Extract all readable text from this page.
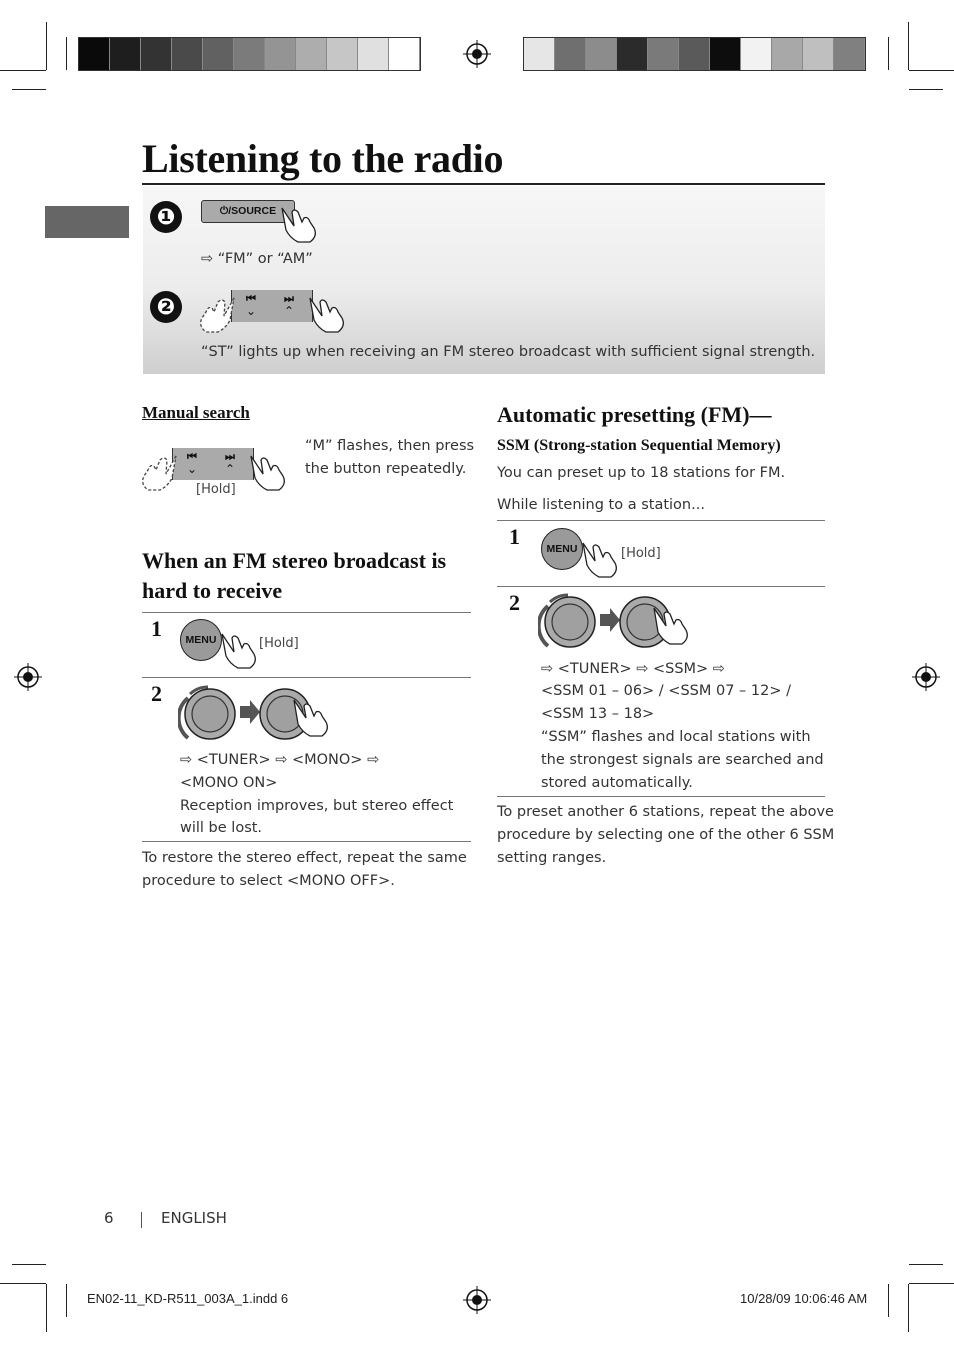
Listening to the radio
❶	⏻/SOURCE
⇨ “FM” or “AM”
❷	⏮
⌄
⏭
⌃
“ST” lights up when receiving an FM stereo broadcast with sufficient signal strength.
Manual search
⏮
⌄
⏭
⌃
[Hold]
“M” flashes, then press
the button repeatedly.
When an FM stereo broadcast is
hard to receive
1	MENU	[Hold]
2
⇨ <TUNER> ⇨ <MONO> ⇨
<MONO ON>
Reception improves, but stereo effect
will be lost.
To restore the stereo effect, repeat the same
procedure to select <MONO OFF>.
Automatic presetting (FM)—
SSM (Strong-station Sequential Memory)
You can preset up to 18 stations for FM.
While listening to a station...
1	MENU	[Hold]
2
⇨ <TUNER> ⇨ <SSM> ⇨
<SSM 01 – 06> / <SSM 07 – 12> /
<SSM 13 – 18>
“SSM” flashes and local stations with
the strongest signals are searched and
stored automatically.
To preset another 6 stations, repeat the above
procedure by selecting one of the other 6 SSM
setting ranges.
6	ENGLISH
EN02-11_KD-R511_003A_1.indd 6	10/28/09 10:06:46 AM
